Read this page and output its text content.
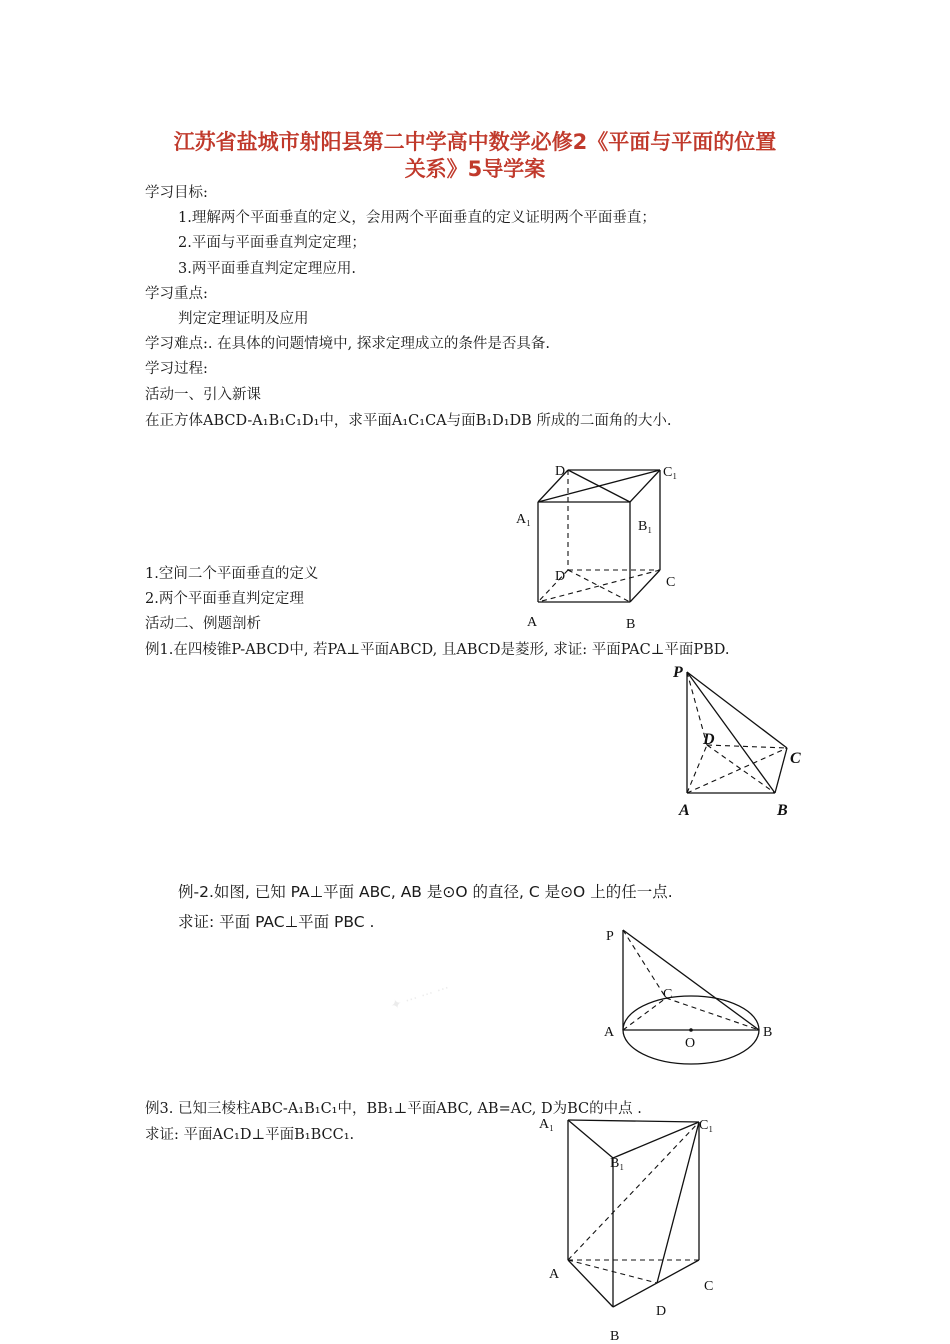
江苏省盐城市射阳县第二中学高中数学必修2《平面与平面的位置
关系》5导学案
学习目标:
1.理解两个平面垂直的定义，会用两个平面垂直的定义证明两个平面垂直；
2.平面与平面垂直判定定理；
3.两平面垂直判定定理应用.
学习重点:
判定定理证明及应用
学习难点:. 在具体的问题情境中, 探求定理成立的条件是否具备.
学习过程:
活动一、引入新课
在正方体ABCD-A₁B₁C₁D₁中，求平面A₁C₁CA与面B₁D₁DB 所成的二面角的大小.
1.空间二个平面垂直的定义
2.两个平面垂直判定定理
活动二、例题剖析
例1.在四棱锥P-ABCD中, 若PA⊥平面ABCD, 且ABCD是菱形, 求证: 平面PAC⊥平面PBD.
例-2.如图, 已知 PA⊥平面 ABC, AB 是⊙O 的直径, C 是⊙O 上的任一点.
求证: 平面 PAC⊥平面 PBC .
例3. 已知三棱柱ABC-A₁B₁C₁中，BB₁⊥平面ABC, AB=AC, D为BC的中点 .
求证: 平面AC₁D⊥平面B₁BCC₁.
✦ ··· ··· ···
D	C₁
A₁	B₁
D	C
A	B
P
D
C
A	B
P
C
A
O
B
A₁	C₁
B₁
A
C
D
B
